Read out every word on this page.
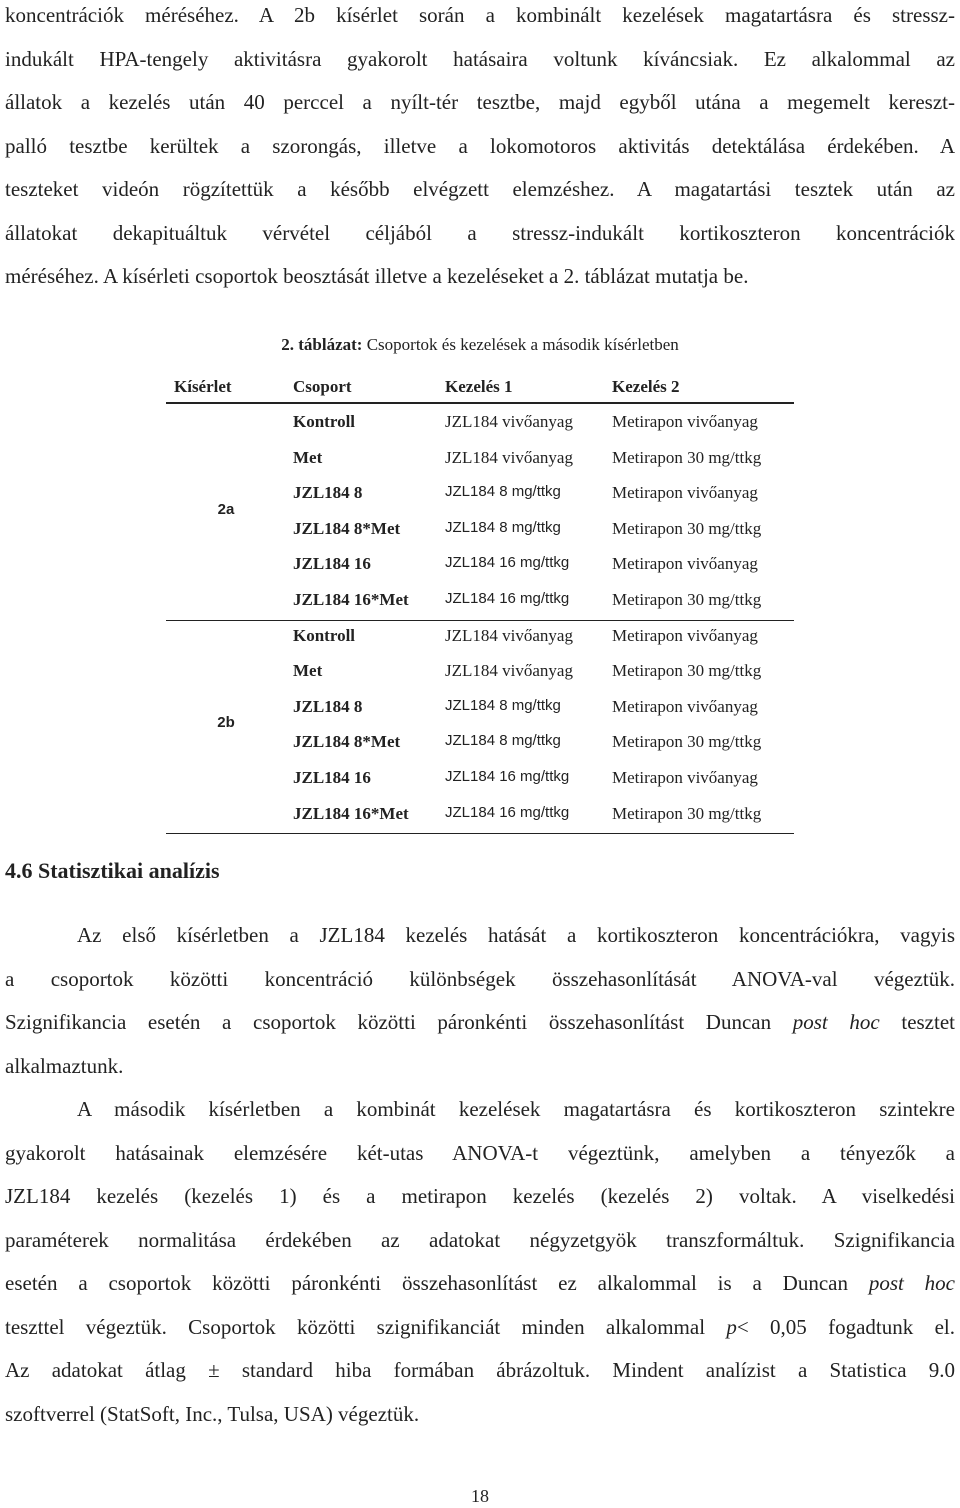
koncentrációk méréséhez. A 2b kísérlet során a kombinált kezelések magatartásra és stressz-
indukált HPA-tengely aktivitásra gyakorolt hatásaira voltunk kíváncsiak. Ez alkalommal az
állatok a kezelés után 40 perccel a nyílt-tér tesztbe, majd egyből utána a megemelt kereszt-
palló tesztbe kerültek a szorongás, illetve a lokomotoros aktivitás detektálása érdekében. A
teszteket videón rögzítettük a később elvégzett elemzéshez. A magatartási tesztek után az
állatokat dekapituáltuk vérvétel céljából a stressz-indukált kortikoszteron koncentrációk
méréséhez. A kísérleti csoportok beosztását illetve a kezeléseket a 2. táblázat mutatja be.
2. táblázat: Csoportok és kezelések a második kísérletben
Kísérlet	Csoport	Kezelés 1	Kezelés 2
Kontroll	JZL184 vivőanyag Metirapon vivőanyag
Met	JZL184 vivőanyag Metirapon 30 mg/ttkg
JZL184 8	JZL184 8 mg/ttkg	Metirapon vivőanyag
JZL184 8*Met	JZL184 8 mg/ttkg	Metirapon 30 mg/ttkg
JZL184 16	JZL184 16 mg/ttkg	Metirapon vivőanyag
JZL184 16*Met JZL184 16 mg/ttkg	Metirapon 30 mg/ttkg
2a
Kontroll	JZL184 vivőanyag Metirapon vivőanyag
Met	JZL184 vivőanyag Metirapon 30 mg/ttkg
JZL184 8	JZL184 8 mg/ttkg	Metirapon vivőanyag
JZL184 8*Met	JZL184 8 mg/ttkg	Metirapon 30 mg/ttkg
JZL184 16	JZL184 16 mg/ttkg	Metirapon vivőanyag
JZL184 16*Met JZL184 16 mg/ttkg	Metirapon 30 mg/ttkg
2b
4.6 Statisztikai analízis
Az első kísérletben a JZL184 kezelés hatását a kortikoszteron koncentrációkra, vagyis
a csoportok közötti koncentráció különbségek összehasonlítását ANOVA-val végeztük.
Szignifikancia esetén a csoportok közötti páronkénti összehasonlítást Duncan post hoc tesztet
alkalmaztunk.
A második kísérletben a kombinát kezelések magatartásra és kortikoszteron szintekre
gyakorolt hatásainak elemzésére két-utas ANOVA-t végeztünk, amelyben a tényezők a
JZL184 kezelés (kezelés 1) és a metirapon kezelés (kezelés 2) voltak. A viselkedési
paraméterek normalitása érdekében az adatokat négyzetgyök transzformáltuk. Szignifikancia
esetén a csoportok közötti páronkénti összehasonlítást ez alkalommal is a Duncan post hoc
teszttel végeztük. Csoportok közötti szignifikanciát minden alkalommal p< 0,05 fogadtunk el.
Az adatokat átlag ± standard hiba formában ábrázoltuk. Mindent analízist a Statistica 9.0
szoftverrel (StatSoft, Inc., Tulsa, USA) végeztük.
18
